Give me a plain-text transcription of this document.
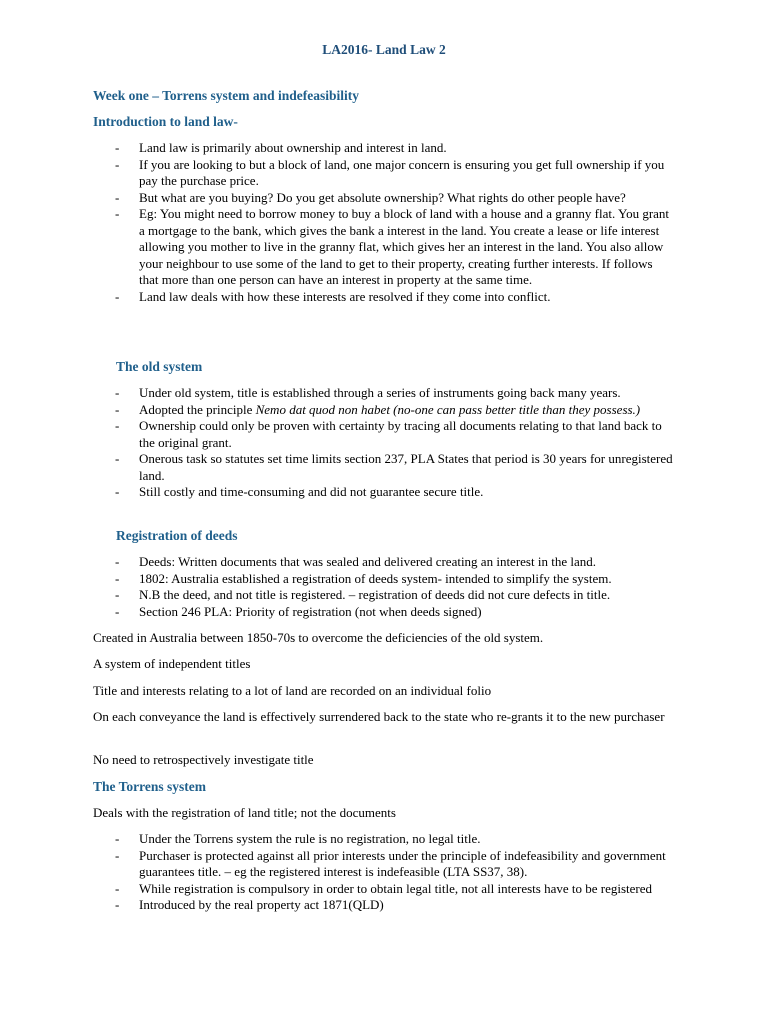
LA2016- Land Law 2
Week one – Torrens system and indefeasibility
Introduction to land law-
- Land law is primarily about ownership and interest in land.
- If you are looking to but a block of land, one major concern is ensuring you get full ownership if you pay the purchase price.
- But what are you buying? Do you get absolute ownership? What rights do other people have?
- Eg: You might need to borrow money to buy a block of land with a house and a granny flat. You grant a mortgage to the bank, which gives the bank a interest in the land. You create a lease or life interest allowing you mother to live in the granny flat, which gives her an interest in the land. You also allow your neighbour to use some of the land to get to their property, creating further interests. If follows that more than one person can have an interest in property at the same time.
- Land law deals with how these interests are resolved if they come into conflict.
The old system
- Under old system, title is established through a series of instruments going back many years.
- Adopted the principle Nemo dat quod non habet (no-one can pass better title than they possess.)
- Ownership could only be proven with certainty by tracing all documents relating to that land back to the original grant.
- Onerous task so statutes set time limits section 237, PLA States that period is 30 years for unregistered land.
- Still costly and time-consuming and did not guarantee secure title.
Registration of deeds
- Deeds: Written documents that was sealed and delivered creating an interest in the land.
- 1802: Australia established a registration of deeds system- intended to simplify the system.
- N.B the deed, and not title is registered. – registration of deeds did not cure defects in title.
- Section 246 PLA: Priority of registration (not when deeds signed)
Created in Australia between 1850-70s to overcome the deficiencies of the old system.
A system of independent titles
Title and interests relating to a lot of land are recorded on an individual folio
On each conveyance the land is effectively surrendered back to the state who re-grants it to the new purchaser
No need to retrospectively investigate title
The Torrens system
Deals with the registration of land title; not the documents
- Under the Torrens system the rule is no registration, no legal title.
- Purchaser is protected against all prior interests under the principle of indefeasibility and government guarantees title. – eg the registered interest is indefeasible (LTA SS37, 38).
- While registration is compulsory in order to obtain legal title, not all interests have to be registered
- Introduced by the real property act 1871(QLD)
